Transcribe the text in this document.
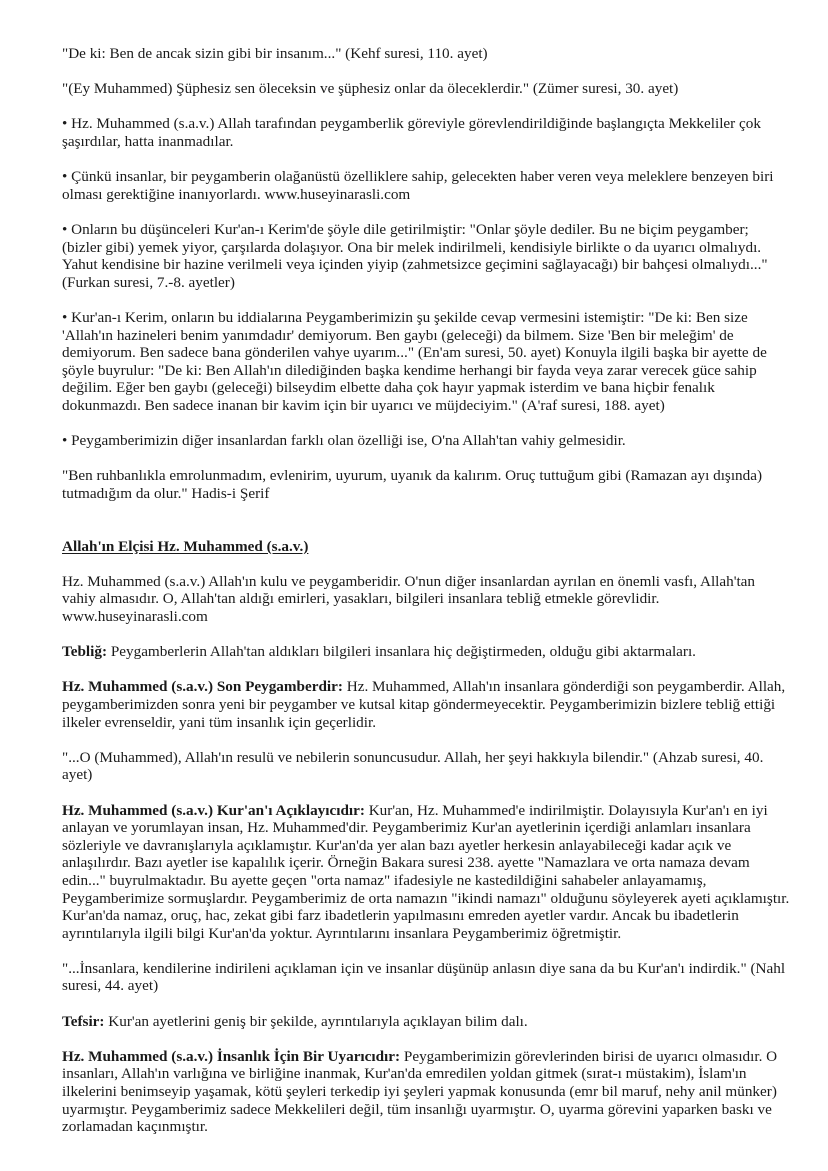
"De ki: Ben de ancak sizin gibi bir insanım..." (Kehf suresi, 110. ayet)

"(Ey Muhammed) Şüphesiz sen öleceksin ve şüphesiz onlar da öleceklerdir." (Zümer suresi, 30. ayet)

• Hz. Muhammed (s.a.v.) Allah tarafından peygamberlik göreviyle görevlendirildiğinde başlangıçta Mekkeliler çok şaşırdılar, hatta inanmadılar.

• Çünkü insanlar, bir peygamberin olağanüstü özelliklere sahip, gelecekten haber veren veya meleklere benzeyen biri olması gerektiğine inanıyorlardı. www.huseyinarasli.com

• Onların bu düşünceleri Kur'an-ı Kerim'de şöyle dile getirilmiştir: "Onlar şöyle dediler. Bu ne biçim peygamber; (bizler gibi) yemek yiyor, çarşılarda dolaşıyor. Ona bir melek indirilmeli, kendisiyle birlikte o da uyarıcı olmalıydı. Yahut kendisine bir hazine verilmeli veya içinden yiyip (zahmetsizce geçimini sağlayacağı) bir bahçesi olmalıydı..." (Furkan suresi, 7.-8. ayetler)

• Kur'an-ı Kerim, onların bu iddialarına Peygamberimizin şu şekilde cevap vermesini istemiştir: "De ki: Ben size 'Allah'ın hazineleri benim yanımdadır' demiyorum. Ben gaybı (geleceği) da bilmem. Size 'Ben bir meleğim' de demiyorum. Ben sadece bana gönderilen vahye uyarım..." (En'am suresi, 50. ayet) Konuyla ilgili başka bir ayette de şöyle buyrulur: "De ki: Ben Allah'ın dilediğinden başka kendime herhangi bir fayda veya zarar verecek güce sahip değilim. Eğer ben gaybı (geleceği) bilseydim elbette daha çok hayır yapmak isterdim ve bana hiçbir fenalık dokunmazdı. Ben sadece inanan bir kavim için bir uyarıcı ve müjdeciyim." (A'raf suresi, 188. ayet)

• Peygamberimizin diğer insanlardan farklı olan özelliği ise, O'na Allah'tan vahiy gelmesidir.

"Ben ruhbanlıkla emrolunmadım, evlenirim, uyurum, uyanık da kalırım. Oruç tuttuğum gibi (Ramazan ayı dışında) tutmadığım da olur." Hadis-i Şerif

Allah'ın Elçisi Hz. Muhammed (s.a.v.)

Hz. Muhammed (s.a.v.) Allah'ın kulu ve peygamberidir. O'nun diğer insanlardan ayrılan en önemli vasfı, Allah'tan vahiy almasıdır. O, Allah'tan aldığı emirleri, yasakları, bilgileri insanlara tebliğ etmekle görevlidir. www.huseyinarasli.com

Tebliğ: Peygamberlerin Allah'tan aldıkları bilgileri insanlara hiç değiştirmeden, olduğu gibi aktarmaları.

Hz. Muhammed (s.a.v.) Son Peygamberdir: Hz. Muhammed, Allah'ın insanlara gönderdiği son peygamberdir. Allah, peygamberimizden sonra yeni bir peygamber ve kutsal kitap göndermeyecektir. Peygamberimizin bizlere tebliğ ettiği ilkeler evrenseldir, yani tüm insanlık için geçerlidir.

"...O (Muhammed), Allah'ın resulü ve nebilerin sonuncusudur. Allah, her şeyi hakkıyla bilendir." (Ahzab suresi, 40. ayet)

Hz. Muhammed (s.a.v.) Kur'an'ı Açıklayıcıdır: Kur'an, Hz. Muhammed'e indirilmiştir. Dolayısıyla Kur'an'ı en iyi anlayan ve yorumlayan insan, Hz. Muhammed'dir. Peygamberimiz Kur'an ayetlerinin içerdiği anlamları insanlara sözleriyle ve davranışlarıyla açıklamıştır. Kur'an'da yer alan bazı ayetler herkesin anlayabileceği kadar açık ve anlaşılırdır. Bazı ayetler ise kapalılık içerir. Örneğin Bakara suresi 238. ayette "Namazlara ve orta namaza devam edin..." buyrulmaktadır. Bu ayette geçen "orta namaz" ifadesiyle ne kastedildiğini sahabeler anlayamamış, Peygamberimize sormuşlardır. Peygamberimiz de orta namazın "ikindi namazı" olduğunu söyleyerek ayeti açıklamıştır. Kur'an'da namaz, oruç, hac, zekat gibi farz ibadetlerin yapılmasını emreden ayetler vardır. Ancak bu ibadetlerin ayrıntılarıyla ilgili bilgi Kur'an'da yoktur. Ayrıntılarını insanlara Peygamberimiz öğretmiştir.

"...İnsanlara, kendilerine indirileni açıklaman için ve insanlar düşünüp anlasın diye sana da bu Kur'an'ı indirdik." (Nahl suresi, 44. ayet)

Tefsir: Kur'an ayetlerini geniş bir şekilde, ayrıntılarıyla açıklayan bilim dalı.

Hz. Muhammed (s.a.v.) İnsanlık İçin Bir Uyarıcıdır: Peygamberimizin görevlerinden birisi de uyarıcı olmasıdır. O insanları, Allah'ın varlığına ve birliğine inanmak, Kur'an'da emredilen yoldan gitmek (sırat-ı müstakim), İslam'ın ilkelerini benimseyip yaşamak, kötü şeyleri terkedip iyi şeyleri yapmak konusunda (emr bil maruf, nehy anil münker) uyarmıştır. Peygamberimiz sadece Mekkelileri değil, tüm insanlığı uyarmıştır. O, uyarma görevini yaparken baskı ve zorlamadan kaçınmıştır.
